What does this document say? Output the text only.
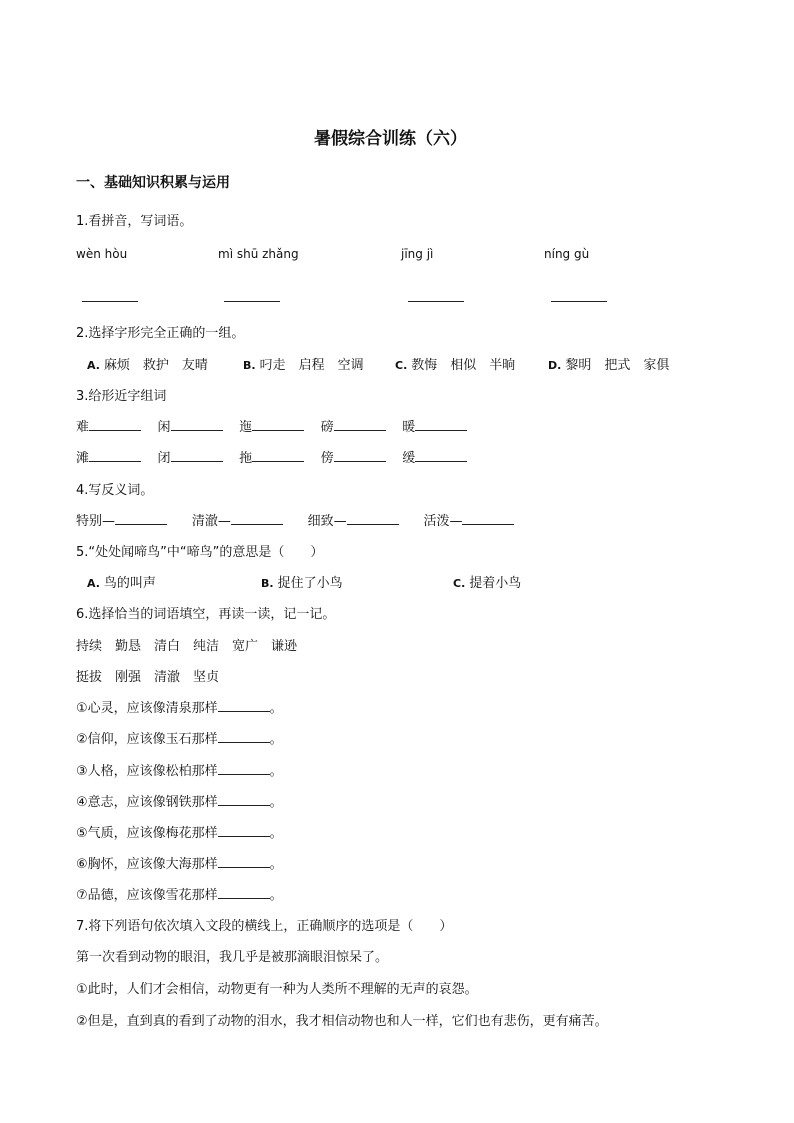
暑假综合训练（六）
一、基础知识积累与运用
1.看拼音，写词语。
wèn hòu	mì shū zhǎng	jīng jì	níng gù
2.选择字形完全正确的一组。
A. 麻烦　救护　友晴	B. 叼走　启程　空调	C. 教悔　相似　半晌	D. 黎明　把式　家俱
3.给形近字组词
难	闲	迤	磅	暖
滩	闭	拖	傍	缓
4.写反义词。
特别—	清澈—	细致—	活泼—
5.“处处闻啼鸟”中“啼鸟”的意思是（　　）
A. 鸟的叫声	B. 捉住了小鸟	C. 提着小鸟
6.选择恰当的词语填空，再读一读，记一记。
持续　勤恳　清白　纯洁　宽广　谦逊
挺拔　刚强　清澈　坚贞
①心灵，应该像清泉那样	。
②信仰，应该像玉石那样	。
③人格，应该像松柏那样	。
④意志，应该像钢铁那样	。
⑤气质，应该像梅花那样	。
⑥胸怀，应该像大海那样	。
⑦品德，应该像雪花那样	。
7.将下列语句依次填入文段的横线上，正确顺序的选项是（　　）
第一次看到动物的眼泪，我几乎是被那滴眼泪惊呆了。
①此时，人们才会相信，动物更有一种为人类所不理解的无声的哀怨。
②但是，直到真的看到了动物的泪水，我才相信动物也和人一样，它们也有悲伤，更有痛苦。
